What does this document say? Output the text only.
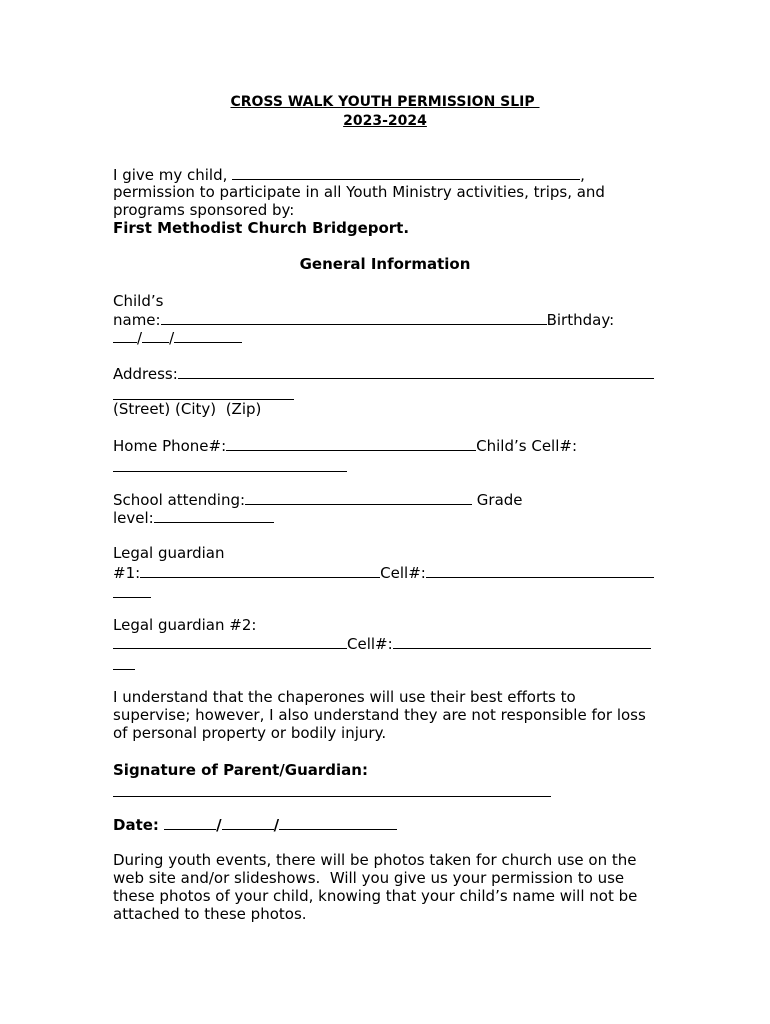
CROSS WALK YOUTH PERMISSION SLIP
2023-2024
I give my child,	,
permission to participate in all Youth Ministry activities, trips, and
programs sponsored by:
First Methodist Church Bridgeport.
General Information
Child’s
name:	Birthday:
/ /
Address:
(Street) (City)  (Zip)
Home Phone#:	Child’s Cell#:
School attending:	Grade
level:
Legal guardian
#1:	Cell#:
Legal guardian #2:
Cell#:
I understand that the chaperones will use their best efforts to
supervise; however, I also understand they are not responsible for loss
of personal property or bodily injury.
Signature of Parent/Guardian:
Date:	/	/
During youth events, there will be photos taken for church use on the
web site and/or slideshows.  Will you give us your permission to use
these photos of your child, knowing that your child’s name will not be
attached to these photos.
